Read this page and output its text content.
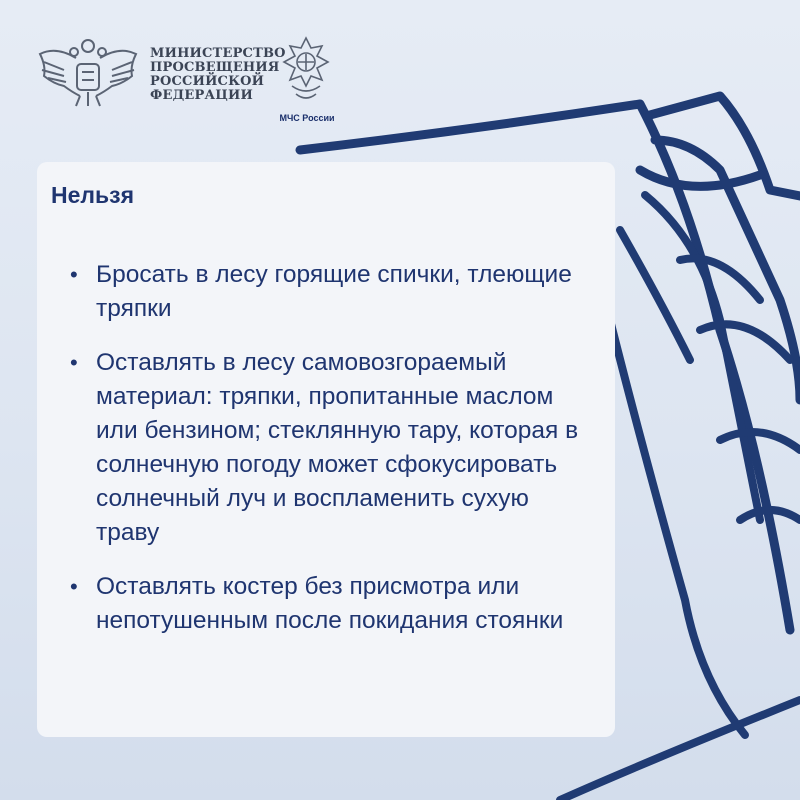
МИНИСТЕРСТВО
ПРОСВЕЩЕНИЯ
РОССИЙСКОЙ
ФЕДЕРАЦИИ
МЧС России
Нельзя
• Бросать в лесу горящие спички, тлеющие тряпки
• Оставлять в лесу самовозгораемый материал: тряпки, пропитанные маслом или бензином; стеклянную тару, которая в солнечную погоду может сфокусировать солнечный луч и воспламенить сухую траву
• Оставлять костер без присмотра или непотушенным после покидания стоянки
